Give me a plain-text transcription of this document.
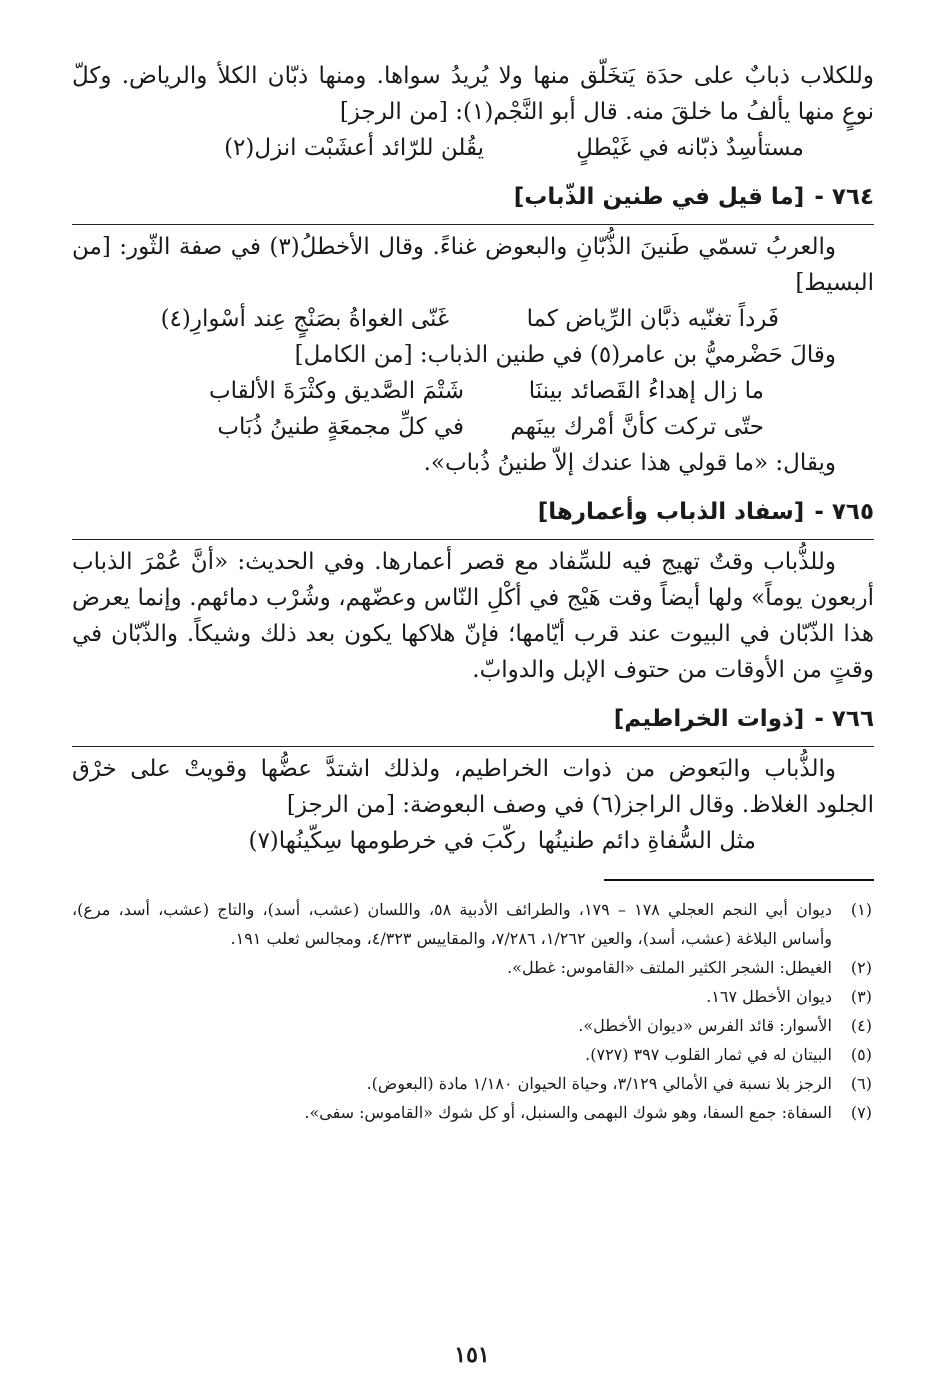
وللكلاب ذبابٌ على حدَة يَتخَلّق منها ولا يُريدُ سواها. ومنها ذبّان الكلأ والرياض. وكلّ نوعٍ منها يألفُ ما خلقَ منه. قال أبو النَّجْم(١): [من الرجز]

مستأسِدٌ ذبّانه في غَيْطلٍ
يقُلن للرّائد أعشَبْت انزل(٢)
٧٦٤ -[ما قيل في طنين الذّباب]

والعربُ تسمّي طَنينَ الذُّبّانِ والبعوض غناءً. وقال الأخطلُ(٣) في صفة الثّور: [من البسيط]

فَرداً تغنّيه ذبَّان الرِّياض كما
غَنّى الغواةُ بصَنْجٍ عِند أسْوارِ(٤)

وقالَ حَضْرميُّ بن عامر(٥) في طنين الذباب: [من الكامل]

ما زال إهداءُ القَصائد بيننَا
شَتْمَ الصَّديق وكثْرَةَ الألقاب
حتّى تركت كأنَّ أمْرك بينَهم
في كلِّ مجمعَةٍ طنينُ ذُبَاب

ويقال: «ما قولي هذا عندك إلاّ طنينُ ذُباب».

٧٦٥ -[سفاد الذباب وأعمارها]

وللذُّباب وقتٌ تهيج فيه للسِّفاد مع قصر أعمارها. وفي الحديث: «أنَّ عُمْرَ الذباب أربعون يوماً» ولها أيضاً وقت هَيْج في أكْلِ النّاس وعضّهم، وشُرْب دمائهم. وإنما يعرض هذا الذّبّان في البيوت عند قرب أيّامها؛ فإنّ هلاكها يكون بعد ذلك وشيكاً. والذّبّان في وقتٍ من الأوقات من حتوف الإبل والدوابّ.

٧٦٦ -[ذوات الخراطيم]

والذُّباب والبَعوض من ذوات الخراطيم، ولذلك اشتدَّ عضُّها وقويتْ على خرْق الجلود الغلاظ. وقال الراجز(٦) في وصف البعوضة: [من الرجز]

مثل السُّفاةِ دائم طنينُها
ركّبَ في خرطومها سِكّينُها(٧)
(١)
ديوان أبي النجم العجلي ١٧٨ – ١٧٩، والطرائف الأدبية ٥٨، واللسان (عشب، أسد)، والتاج (عشب، أسد، مرع)، وأساس البلاغة (عشب، أسد)، والعين ١/٢٦٢، ٧/٢٨٦، والمقاييس ٤/٣٢٣، ومجالس ثعلب ١٩١.
(٢)
الغيطل: الشجر الكثير الملتف «القاموس: غطل».
(٣)
ديوان الأخطل ١٦٧.
(٤)
الأسوار: قائد الفرس «ديوان الأخطل».
(٥)
البيتان له في ثمار القلوب ٣٩٧ (٧٢٧).
(٦)
الرجز بلا نسبة في الأمالي ٣/١٢٩، وحياة الحيوان ١/١٨٠ مادة (البعوض).
(٧)
السفاة: جمع السفا، وهو شوك البهمى والسنبل، أو كل شوك «القاموس: سفى».
١٥١
